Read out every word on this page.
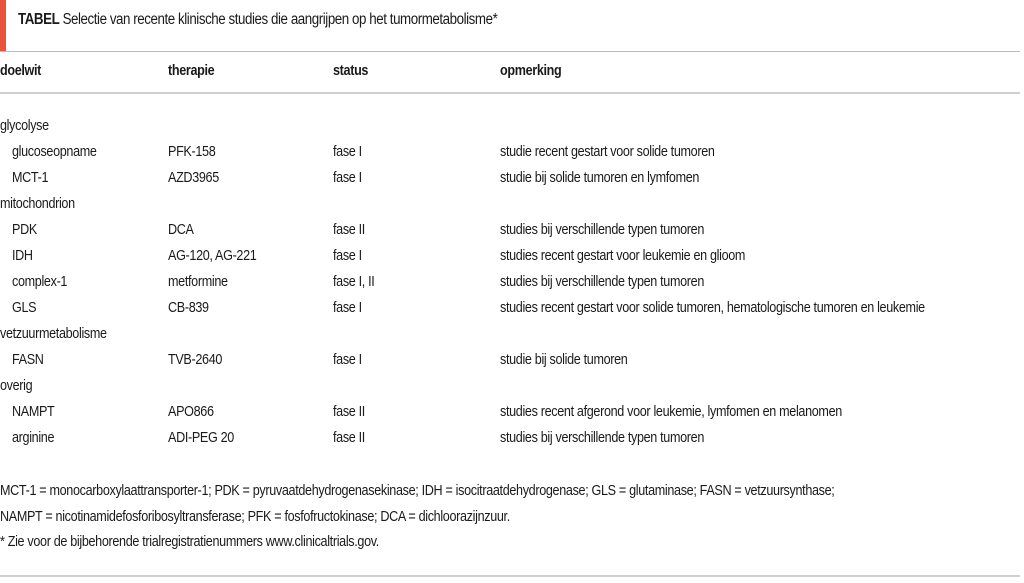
TABEL Selectie van recente klinische studies die aangrijpen op het tumormetabolisme*
doelwit	therapie	status	opmerking
glycolyse
glucoseopname	PFK-158	fase I	studie recent gestart voor solide tumoren
MCT-1	AZD3965	fase I	studie bij solide tumoren en lymfomen
mitochondrion
PDK	DCA	fase II	studies bij verschillende typen tumoren
IDH	AG-120, AG-221	fase I	studies recent gestart voor leukemie en glioom
complex-1	metformine	fase I, II	studies bij verschillende typen tumoren
GLS	CB-839	fase I	studies recent gestart voor solide tumoren, hematologische tumoren en leukemie
vetzuurmetabolisme
FASN	TVB-2640	fase I	studie bij solide tumoren
overig
NAMPT	APO866	fase II	studies recent afgerond voor leukemie, lymfomen en melanomen
arginine	ADI-PEG 20	fase II	studies bij verschillende typen tumoren
MCT-1 = monocarboxylaattransporter-1; PDK = pyruvaatdehydrogenasekinase; IDH = isocitraatdehydrogenase; GLS = glutaminase; FASN = vetzuursynthase;
NAMPT = nicotinamidefosforibosyltransferase; PFK = fosfofructokinase; DCA = dichloorazijnzuur.
* Zie voor de bijbehorende trialregistratienummers www.clinicaltrials.gov.
